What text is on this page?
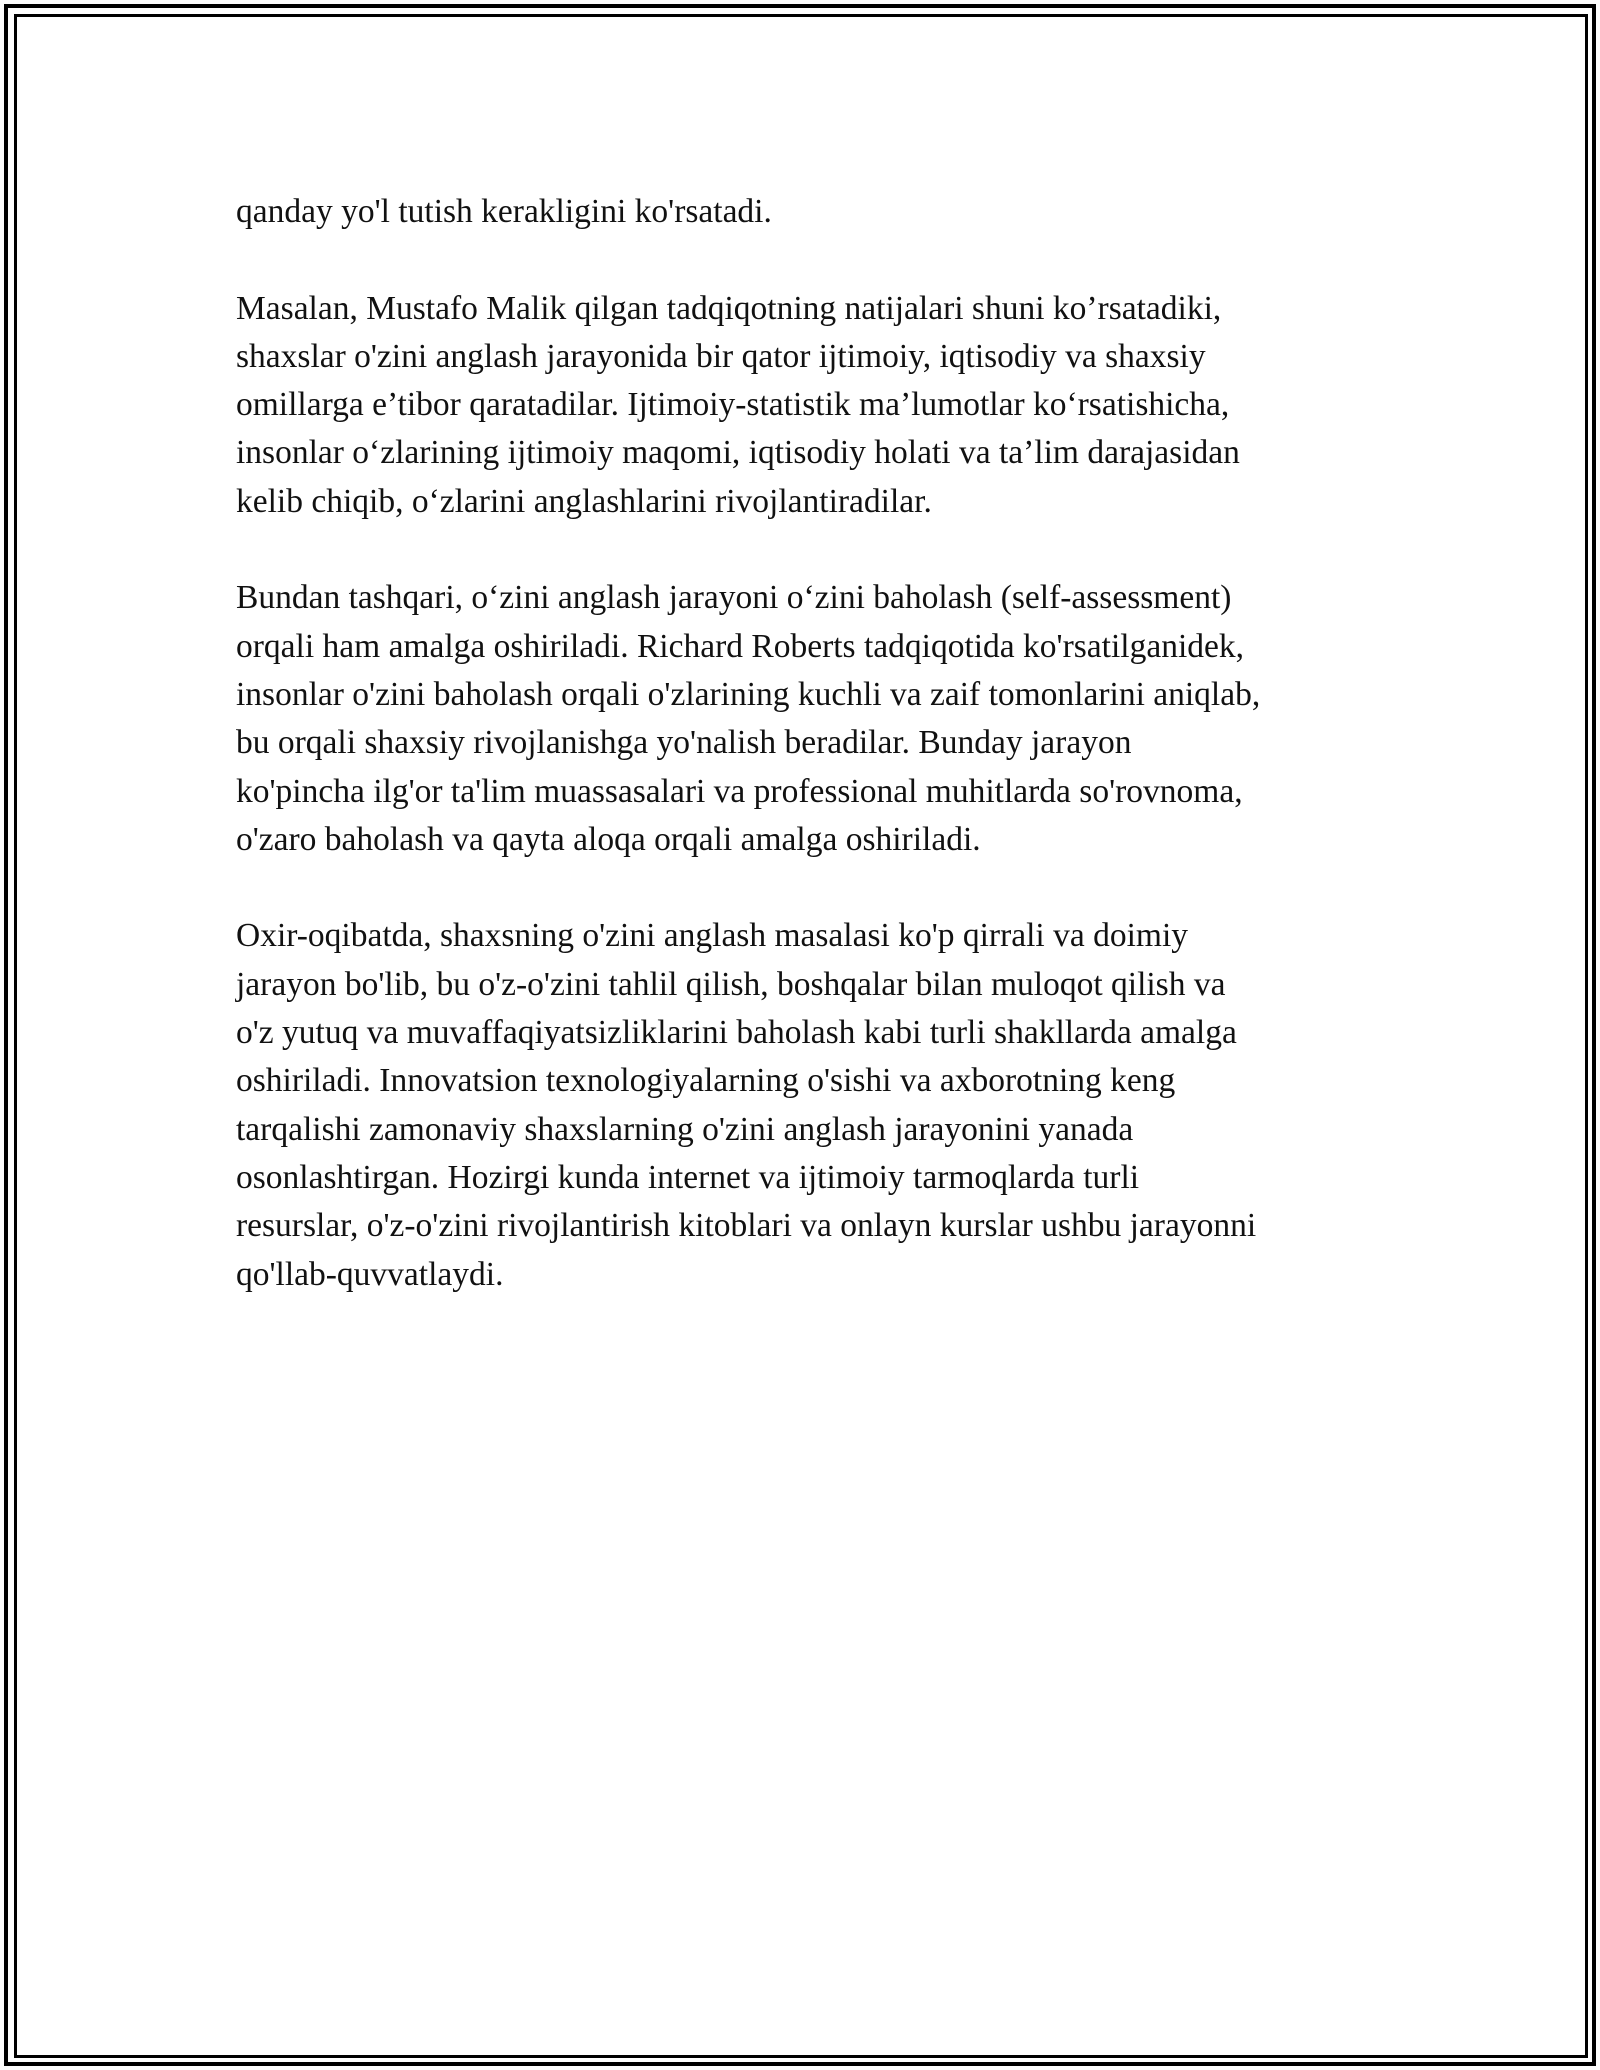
qanday yo'l tutish kerakligini ko'rsatadi.

Masalan, Mustafo Malik qilgan tadqiqotning natijalari shuni ko’rsatadiki,
shaxslar o'zini anglash jarayonida bir qator ijtimoiy, iqtisodiy va shaxsiy
omillarga e’tibor qaratadilar. Ijtimoiy-statistik ma’lumotlar ko‘rsatishicha,
insonlar o‘zlarining ijtimoiy maqomi, iqtisodiy holati va ta’lim darajasidan
kelib chiqib, o‘zlarini anglashlarini rivojlantiradilar.

Bundan tashqari, o‘zini anglash jarayoni o‘zini baholash (self-assessment)
orqali ham amalga oshiriladi. Richard Roberts tadqiqotida ko'rsatilganidek,
insonlar o'zini baholash orqali o'zlarining kuchli va zaif tomonlarini aniqlab,
bu orqali shaxsiy rivojlanishga yo'nalish beradilar. Bunday jarayon
ko'pincha ilg'or ta'lim muassasalari va professional muhitlarda so'rovnoma,
o'zaro baholash va qayta aloqa orqali amalga oshiriladi.

Oxir-oqibatda, shaxsning o'zini anglash masalasi ko'p qirrali va doimiy
jarayon bo'lib, bu o'z-o'zini tahlil qilish, boshqalar bilan muloqot qilish va
o'z yutuq va muvaffaqiyatsizliklarini baholash kabi turli shakllarda amalga
oshiriladi. Innovatsion texnologiyalarning o'sishi va axborotning keng
tarqalishi zamonaviy shaxslarning o'zini anglash jarayonini yanada
osonlashtirgan. Hozirgi kunda internet va ijtimoiy tarmoqlarda turli
resurslar, o'z-o'zini rivojlantirish kitoblari va onlayn kurslar ushbu jarayonni
qo'llab-quvvatlaydi.
